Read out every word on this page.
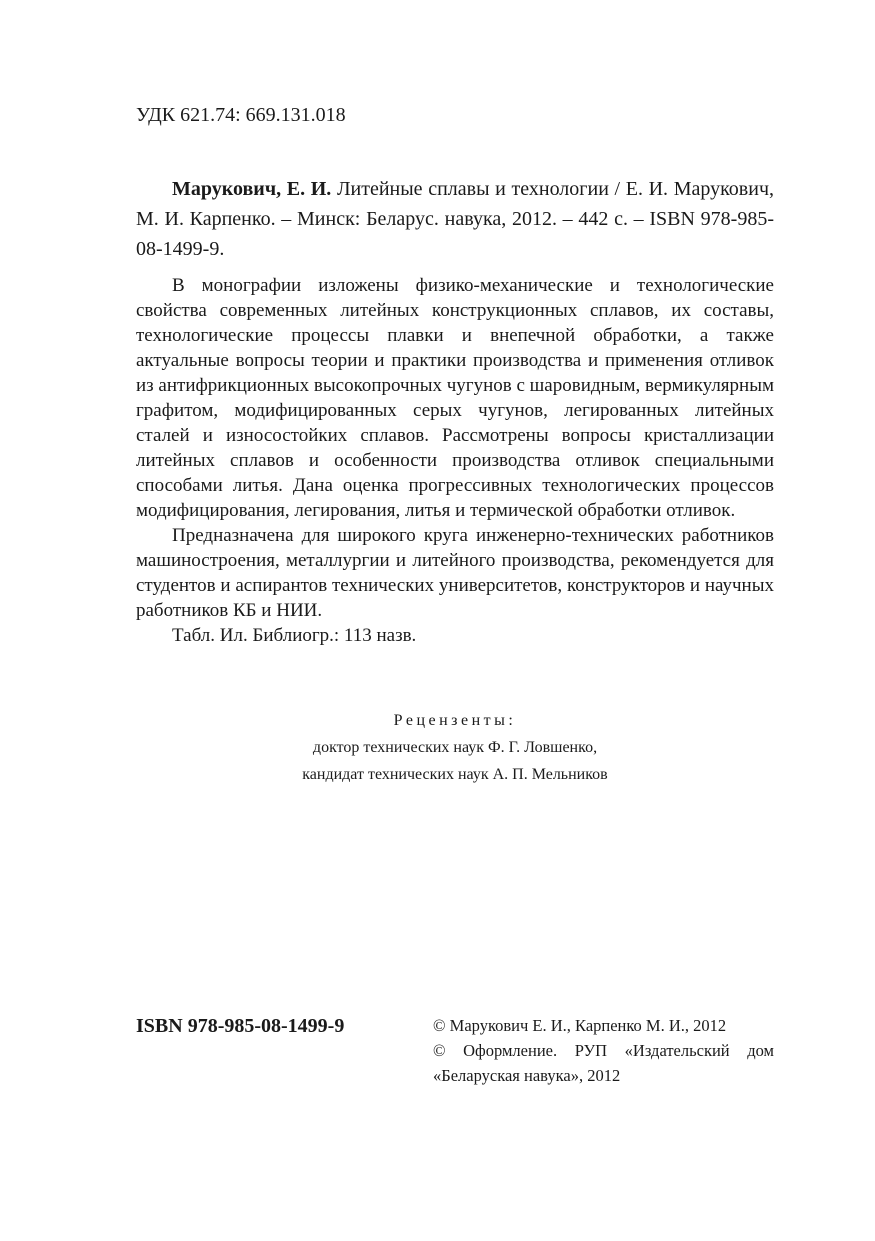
УДК 621.74: 669.131.018

Марукович, Е. И. Литейные сплавы и технологии / Е. И. Марукович, М. И. Карпенко. – Минск: Беларус. навука, 2012. – 442 с. – ISBN 978-985-08-1499-9.

В монографии изложены физико-механические и технологические свойства современных литейных конструкционных сплавов, их составы, технологические процессы плавки и внепечной обработки, а также актуальные вопросы теории и практики производства и применения отливок из антифрикционных высокопрочных чугунов с шаровидным, вермикулярным графитом, модифицированных серых чугунов, легированных литейных сталей и износостойких сплавов. Рассмотрены вопросы кристаллизации литейных сплавов и особенности производства отливок специальными способами литья. Дана оценка прогрессивных технологических процессов модифицирования, легирования, литья и термической обработки отливок.

Предназначена для широкого круга инженерно-технических работников машиностроения, металлургии и литейного производства, рекомендуется для студентов и аспирантов технических университетов, конструкторов и научных работников КБ и НИИ.

Табл. Ил. Библиогр.: 113 назв.

Рецензенты:
доктор технических наук Ф. Г. Ловшенко,
кандидат технических наук А. П. Мельников
ISBN 978-985-08-1499-9	© Марукович Е. И., Карпенко М. И., 2012
© Оформление. РУП «Издательский дом «Беларуская навука», 2012
